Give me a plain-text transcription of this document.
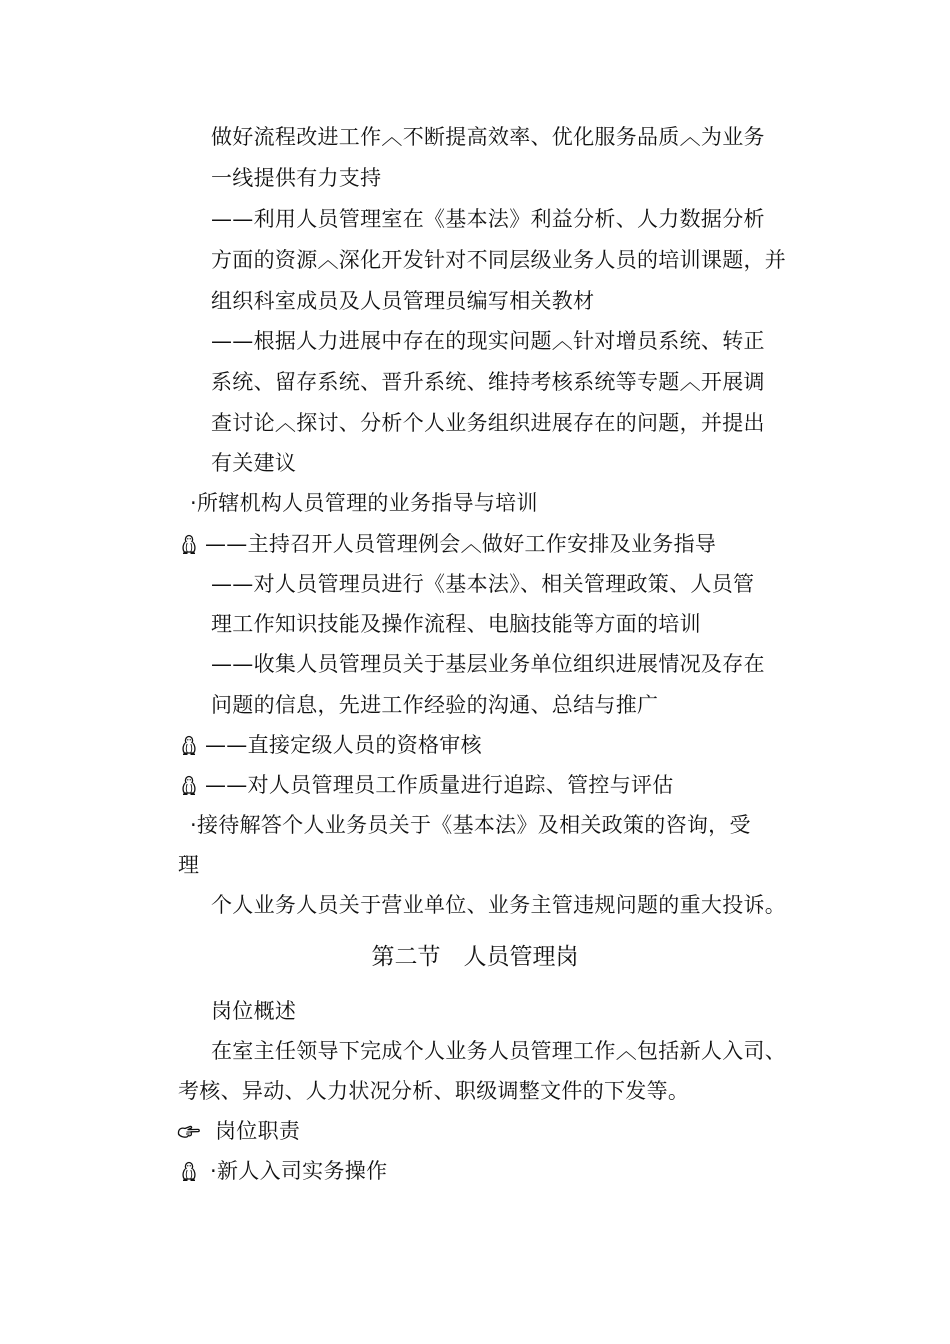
做好流程改进工作︿不断提高效率、优化服务品质︿为业务
一线提供有力支持
——利用人员管理室在《基本法》利益分析、人力数据分析
方面的资源︿深化开发针对不同层级业务人员的培训课题，并
组织科室成员及人员管理员编写相关教材
——根据人力进展中存在的现实问题︿针对增员系统、转正
系统、留存系统、晋升系统、维持考核系统等专题︿开展调
查讨论︿探讨、分析个人业务组织进展存在的问题，并提出
有关建议
·所辖机构人员管理的业务指导与培训
——主持召开人员管理例会︿做好工作安排及业务指导
——对人员管理员进行《基本法》、相关管理政策、人员管
理工作知识技能及操作流程、电脑技能等方面的培训
——收集人员管理员关于基层业务单位组织进展情况及存在
问题的信息，先进工作经验的沟通、总结与推广
——直接定级人员的资格审核
——对人员管理员工作质量进行追踪、管控与评估
·接待解答个人业务员关于《基本法》及相关政策的咨询，受
理
个人业务人员关于营业单位、业务主管违规问题的重大投诉。
第二节　人员管理岗
岗位概述
在室主任领导下完成个人业务人员管理工作︿包括新人入司、
考核、异动、人力状况分析、职级调整文件的下发等。
岗位职责
·新人入司实务操作
